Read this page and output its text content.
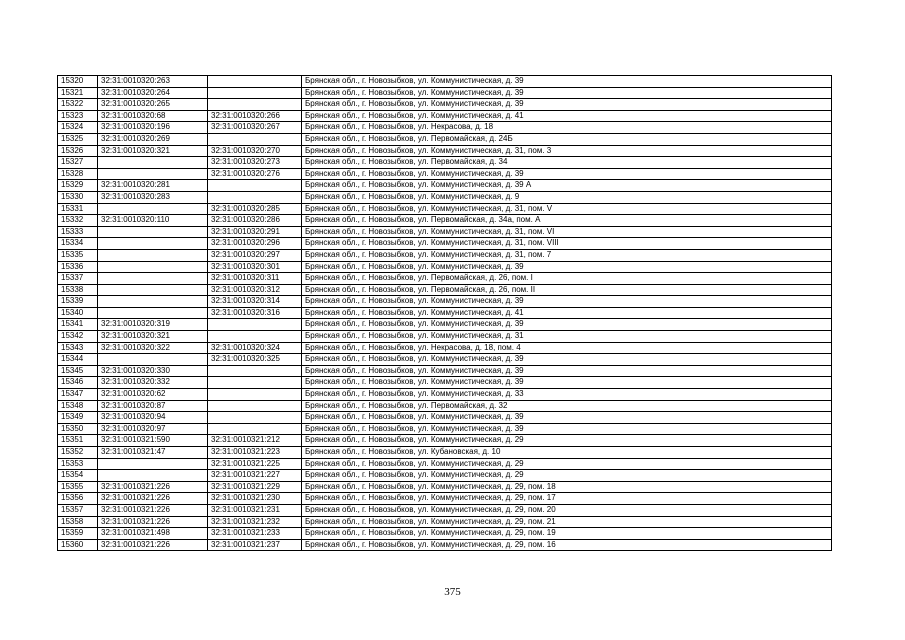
15320	32:31:0010320:263		Брянская обл., г. Новозыбков, ул. Коммунистическая, д. 39
15321	32:31:0010320:264		Брянская обл., г. Новозыбков, ул. Коммунистическая, д. 39
15322	32:31:0010320:265		Брянская обл., г. Новозыбков, ул. Коммунистическая, д. 39
15323	32:31:0010320:68	32:31:0010320:266	Брянская обл., г. Новозыбков, ул. Коммунистическая, д. 41
15324	32:31:0010320:196	32:31:0010320:267	Брянская обл., г. Новозыбков, ул. Некрасова, д. 18
15325	32:31:0010320:269		Брянская обл., г. Новозыбков, ул. Первомайская, д. 24Б
15326	32:31:0010320:321	32:31:0010320:270	Брянская обл., г. Новозыбков, ул. Коммунистическая, д. 31, пом. 3
15327		32:31:0010320:273	Брянская обл., г. Новозыбков, ул. Первомайская, д. 34
15328		32:31:0010320:276	Брянская обл., г. Новозыбков, ул. Коммунистическая, д. 39
15329	32:31:0010320:281		Брянская обл., г. Новозыбков, ул. Коммунистическая, д. 39 А
15330	32:31:0010320:283		Брянская обл., г. Новозыбков, ул. Коммунистическая, д. 9
15331		32:31:0010320:285	Брянская обл., г. Новозыбков, ул. Коммунистическая, д. 31, пом. V
15332	32:31:0010320:110	32:31:0010320:286	Брянская обл., г. Новозыбков, ул. Первомайская, д. 34а, пом. А
15333		32:31:0010320:291	Брянская обл., г. Новозыбков, ул. Коммунистическая, д. 31, пом. VI
15334		32:31:0010320:296	Брянская обл., г. Новозыбков, ул. Коммунистическая, д. 31, пом. VIII
15335		32:31:0010320:297	Брянская обл., г. Новозыбков, ул. Коммунистическая, д. 31, пом. 7
15336		32:31:0010320:301	Брянская обл., г. Новозыбков, ул. Коммунистическая, д. 39
15337		32:31:0010320:311	Брянская обл., г. Новозыбков, ул. Первомайская, д. 26, пом. I
15338		32:31:0010320:312	Брянская обл., г. Новозыбков, ул. Первомайская, д. 26, пом. II
15339		32:31:0010320:314	Брянская обл., г. Новозыбков, ул. Коммунистическая, д. 39
15340		32:31:0010320:316	Брянская обл., г. Новозыбков, ул. Коммунистическая, д. 41
15341	32:31:0010320:319		Брянская обл., г. Новозыбков, ул. Коммунистическая, д. 39
15342	32:31:0010320:321		Брянская обл., г. Новозыбков, ул. Коммунистическая, д. 31
15343	32:31:0010320:322	32:31:0010320:324	Брянская обл., г. Новозыбков, ул. Некрасова, д. 18, пом. 4
15344		32:31:0010320:325	Брянская обл., г. Новозыбков, ул. Коммунистическая, д. 39
15345	32:31:0010320:330		Брянская обл., г. Новозыбков, ул. Коммунистическая, д. 39
15346	32:31:0010320:332		Брянская обл., г. Новозыбков, ул. Коммунистическая, д. 39
15347	32:31:0010320:62		Брянская обл., г. Новозыбков, ул. Коммунистическая, д. 33
15348	32:31:0010320:87		Брянская обл., г. Новозыбков, ул. Первомайская, д. 32
15349	32:31:0010320:94		Брянская обл., г. Новозыбков, ул. Коммунистическая, д. 39
15350	32:31:0010320:97		Брянская обл., г. Новозыбков, ул. Коммунистическая, д. 39
15351	32:31:0010321:590	32:31:0010321:212	Брянская обл., г. Новозыбков, ул. Коммунистическая, д. 29
15352	32:31:0010321:47	32:31:0010321:223	Брянская обл., г. Новозыбков, ул. Кубановская, д. 10
15353		32:31:0010321:225	Брянская обл., г. Новозыбков, ул. Коммунистическая, д. 29
15354		32:31:0010321:227	Брянская обл., г. Новозыбков, ул. Коммунистическая, д. 29
15355	32:31:0010321:226	32:31:0010321:229	Брянская обл., г. Новозыбков, ул. Коммунистическая, д. 29, пом. 18
15356	32:31:0010321:226	32:31:0010321:230	Брянская обл., г. Новозыбков, ул. Коммунистическая, д. 29, пом. 17
15357	32:31:0010321:226	32:31:0010321:231	Брянская обл., г. Новозыбков, ул. Коммунистическая, д. 29, пом. 20
15358	32:31:0010321:226	32:31:0010321:232	Брянская обл., г. Новозыбков, ул. Коммунистическая, д. 29, пом. 21
15359	32:31:0010321:498	32:31:0010321:233	Брянская обл., г. Новозыбков, ул. Коммунистическая, д. 29, пом. 19
15360	32:31:0010321:226	32:31:0010321:237	Брянская обл., г. Новозыбков, ул. Коммунистическая, д. 29, пом. 16
375
